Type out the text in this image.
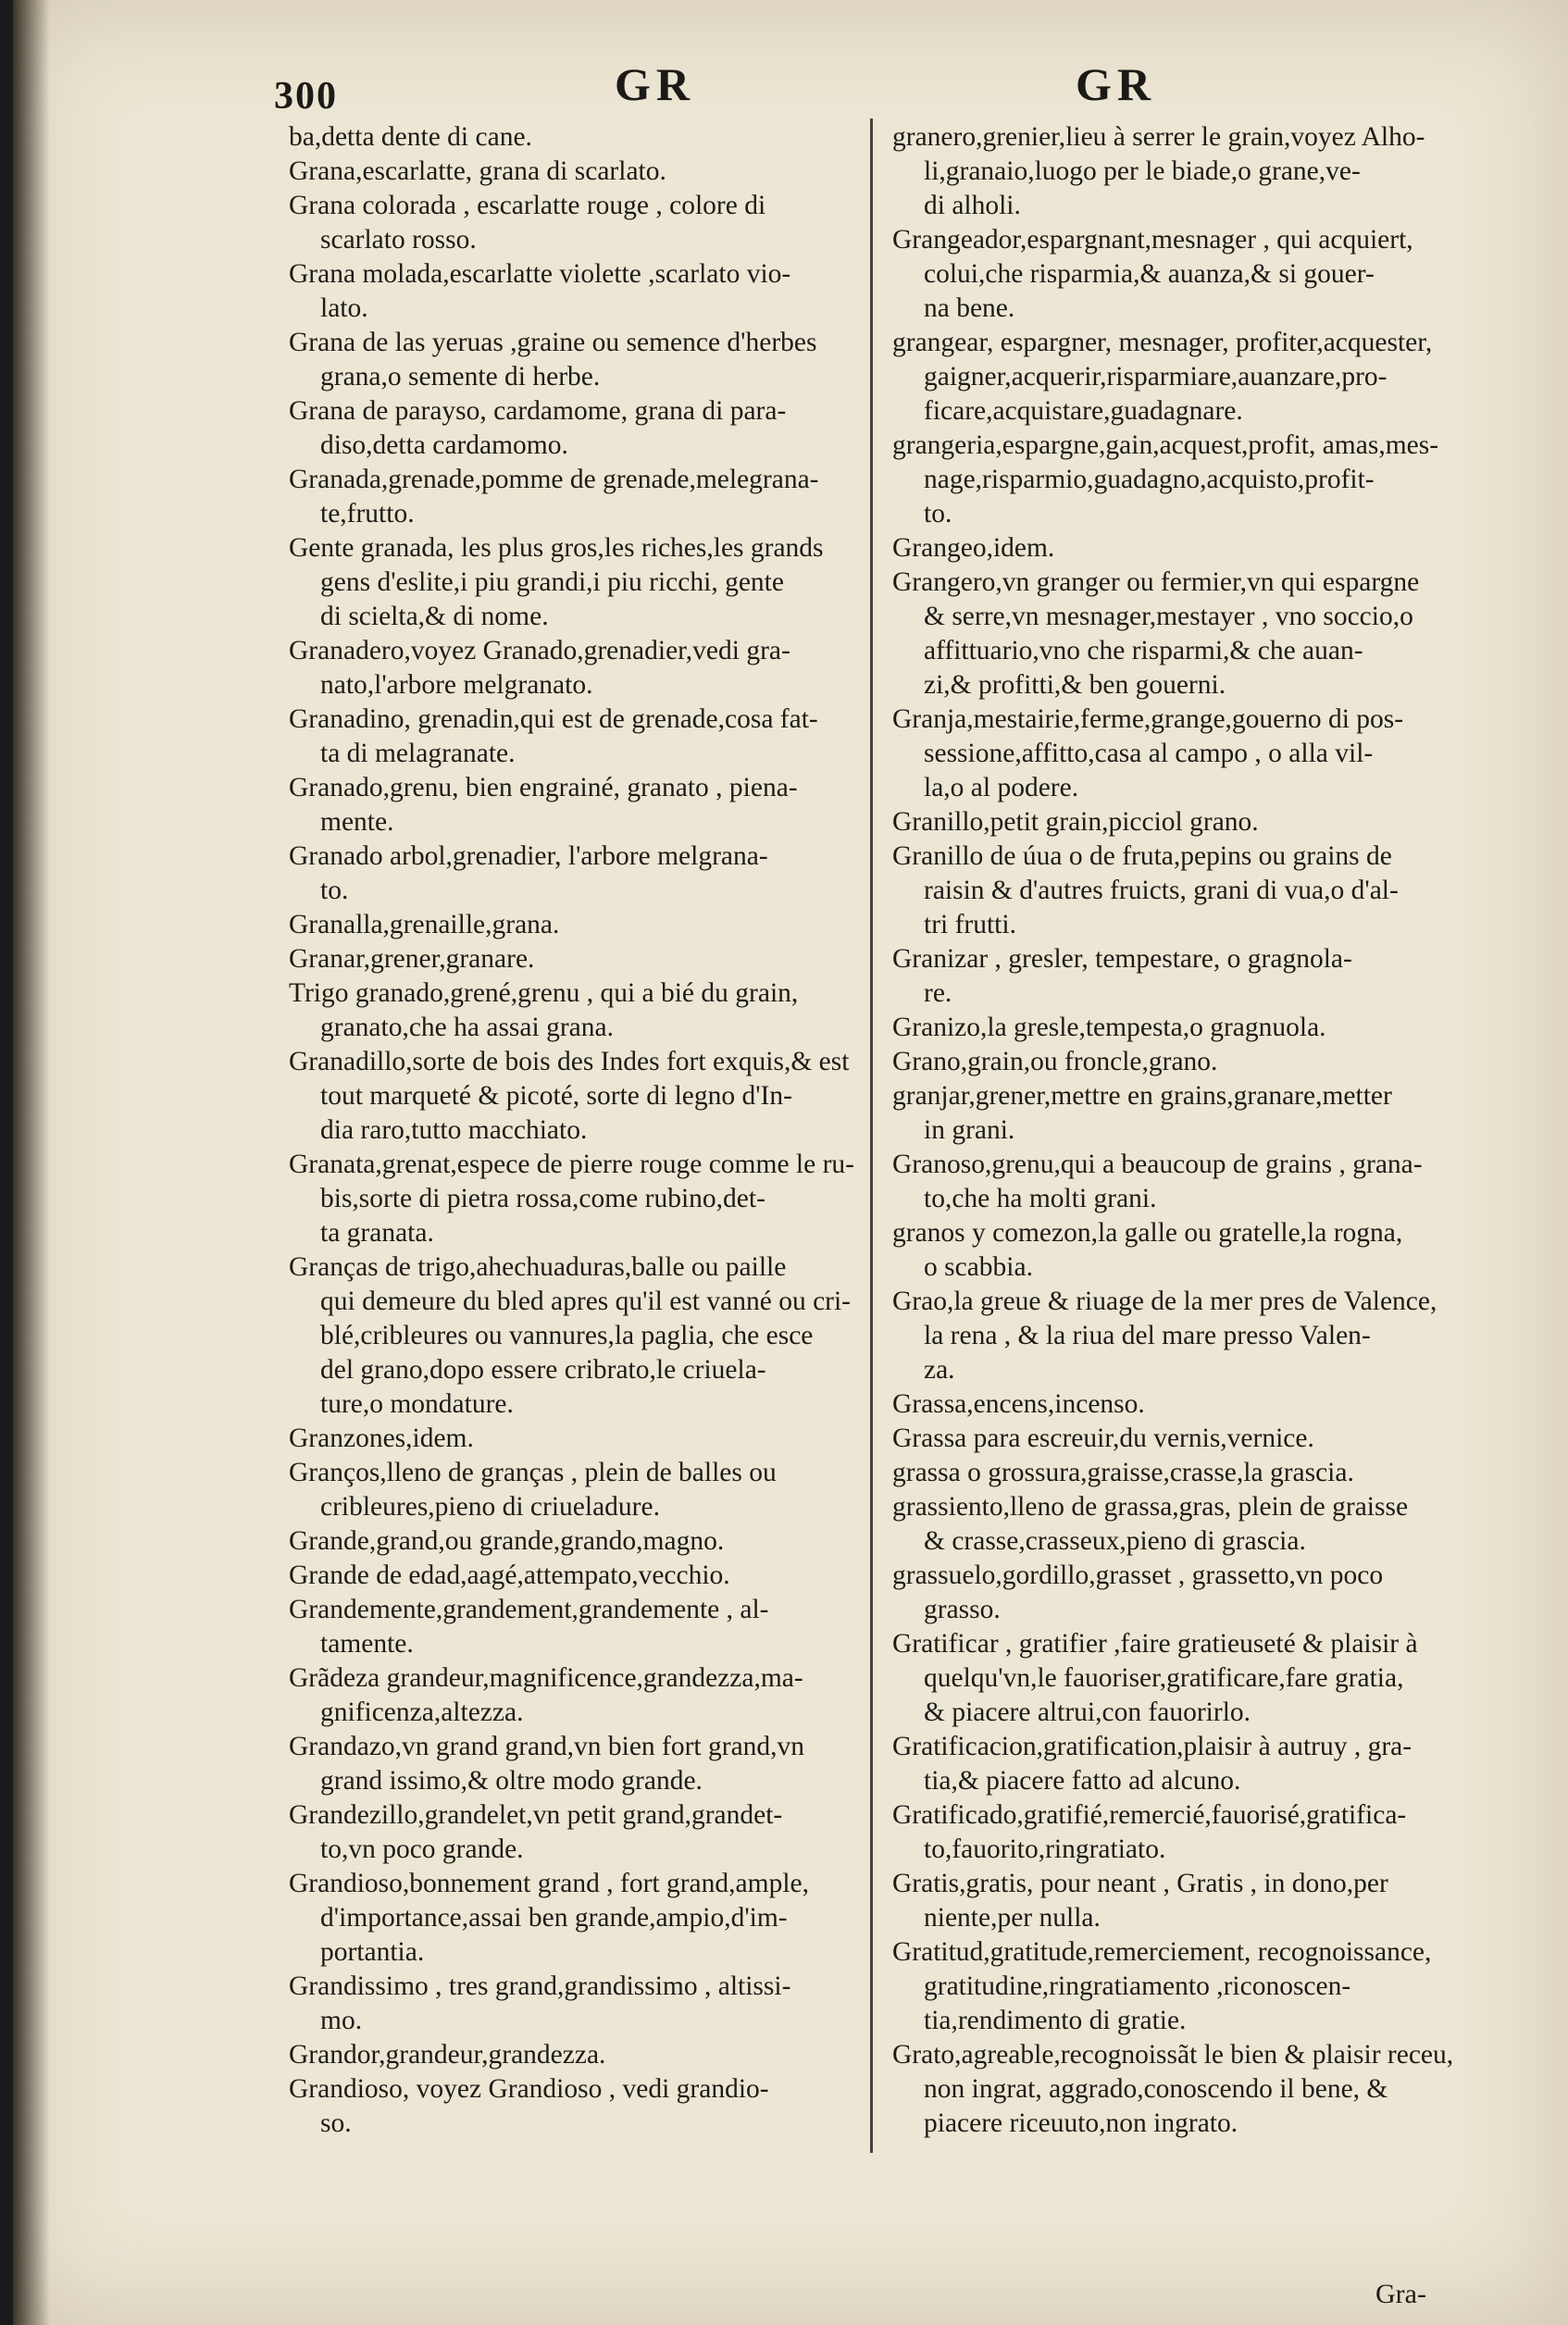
300	GR	GR
ba,detta dente di cane.
Grana,escarlatte, grana di scarlato.
Grana colorada , escarlatte rouge , colore di
scarlato rosso.
Grana molada,escarlatte violette ,scarlato vio-
lato.
Grana de las yeruas ,graine ou semence d'herbes
grana,o semente di herbe.
Grana de parayso, cardamome, grana di para-
diso,detta cardamomo.
Granada,grenade,pomme de grenade,melegrana-
te,frutto.
Gente granada, les plus gros,les riches,les grands
gens d'eslite,i piu grandi,i piu ricchi, gente
di scielta,& di nome.
Granadero,voyez Granado,grenadier,vedi gra-
nato,l'arbore melgranato.
Granadino, grenadin,qui est de grenade,cosa fat-
ta di melagranate.
Granado,grenu, bien engrainé, granato , piena-
mente.
Granado arbol,grenadier, l'arbore melgrana-
to.
Granalla,grenaille,grana.
Granar,grener,granare.
Trigo granado,grené,grenu , qui a bié du grain,
granato,che ha assai grana.
Granadillo,sorte de bois des Indes fort exquis,& est
tout marqueté & picoté, sorte di legno d'In-
dia raro,tutto macchiato.
Granata,grenat,espece de pierre rouge comme le ru-
bis,sorte di pietra rossa,come rubino,det-
ta granata.
Granças de trigo,ahechuaduras,balle ou paille
qui demeure du bled apres qu'il est vanné ou cri-
blé,cribleures ou vannures,la paglia, che esce
del grano,dopo essere cribrato,le criuela-
ture,o mondature.
Granzones,idem.
Granços,lleno de granças , plein de balles ou
cribleures,pieno di criueladure.
Grande,grand,ou grande,grando,magno.
Grande de edad,aagé,attempato,vecchio.
Grandemente,grandement,grandemente , al-
tamente.
Grãdeza grandeur,magnificence,grandezza,ma-
gnificenza,altezza.
Grandazo,vn grand grand,vn bien fort grand,vn
grand issimo,& oltre modo grande.
Grandezillo,grandelet,vn petit grand,grandet-
to,vn poco grande.
Grandioso,bonnement grand , fort grand,ample,
d'importance,assai ben grande,ampio,d'im-
portantia.
Grandissimo , tres grand,grandissimo , altissi-
mo.
Grandor,grandeur,grandezza.
Grandioso, voyez Grandioso , vedi grandio-
so.
granero,grenier,lieu à serrer le grain,voyez Alho-
li,granaio,luogo per le biade,o grane,ve-
di alholi.
Grangeador,espargnant,mesnager , qui acquiert,
colui,che risparmia,& auanza,& si gouer-
na bene.
grangear, espargner, mesnager, profiter,acquester,
gaigner,acquerir,risparmiare,auanzare,pro-
ficare,acquistare,guadagnare.
grangeria,espargne,gain,acquest,profit, amas,mes-
nage,risparmio,guadagno,acquisto,profit-
to.
Grangeo,idem.
Grangero,vn granger ou fermier,vn qui espargne
& serre,vn mesnager,mestayer , vno soccio,o
affittuario,vno che risparmi,& che auan-
zi,& profitti,& ben gouerni.
Granja,mestairie,ferme,grange,gouerno di pos-
sessione,affitto,casa al campo , o alla vil-
la,o al podere.
Granillo,petit grain,picciol grano.
Granillo de úua o de fruta,pepins ou grains de
raisin & d'autres fruicts, grani di vua,o d'al-
tri frutti.
Granizar , gresler, tempestare, o gragnola-
re.
Granizo,la gresle,tempesta,o gragnuola.
Grano,grain,ou froncle,grano.
granjar,grener,mettre en grains,granare,metter
in grani.
Granoso,grenu,qui a beaucoup de grains , grana-
to,che ha molti grani.
granos y comezon,la galle ou gratelle,la rogna,
o scabbia.
Grao,la greue & riuage de la mer pres de Valence,
la rena , & la riua del mare presso Valen-
za.
Grassa,encens,incenso.
Grassa para escreuir,du vernis,vernice.
grassa o grossura,graisse,crasse,la grascia.
grassiento,lleno de grassa,gras, plein de graisse
& crasse,crasseux,pieno di grascia.
grassuelo,gordillo,grasset , grassetto,vn poco
grasso.
Gratificar , gratifier ,faire gratieuseté & plaisir à
quelqu'vn,le fauoriser,gratificare,fare gratia,
& piacere altrui,con fauorirlo.
Gratificacion,gratification,plaisir à autruy , gra-
tia,& piacere fatto ad alcuno.
Gratificado,gratifié,remercié,fauorisé,gratifica-
to,fauorito,ringratiato.
Gratis,gratis, pour neant , Gratis , in dono,per
niente,per nulla.
Gratitud,gratitude,remerciement, recognoissance,
gratitudine,ringratiamento ,riconoscen-
tia,rendimento di gratie.
Grato,agreable,recognoissãt le bien & plaisir receu,
non ingrat, aggrado,conoscendo il bene, &
piacere riceuuto,non ingrato.
Gra-
